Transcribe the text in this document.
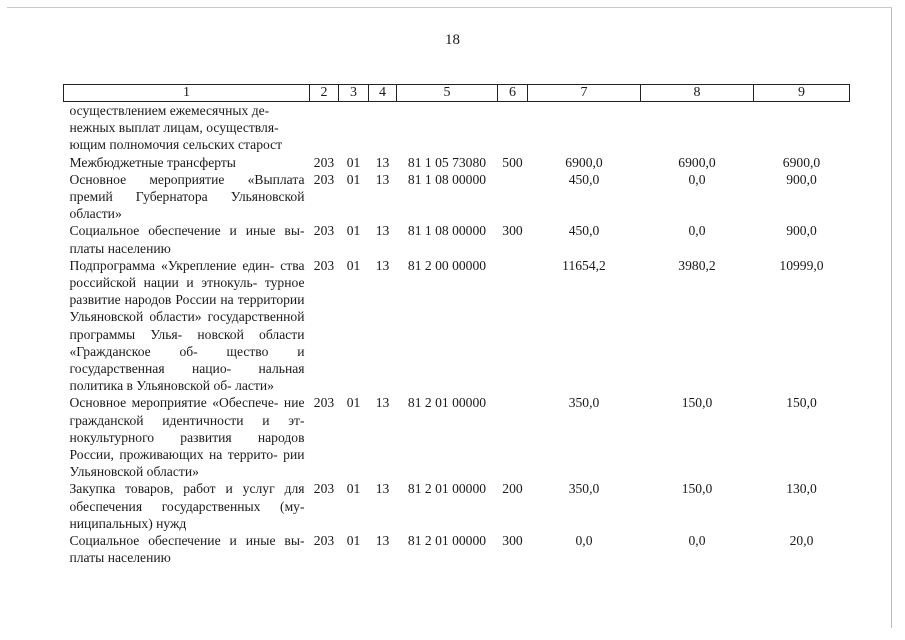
18
1	2	3	4	5	6	7	8	9
осуществлением ежемесячных де- нежных выплат лицам, осуществля- ющим полномочия сельских старост								
Межбюджетные трансферты	203	01	13	81 1 05 73080	500	6900,0	6900,0	6900,0
Основное мероприятие «Выплата премий Губернатора Ульяновской области»	203	01	13	81 1 08 00000		450,0	0,0	900,0
Социальное обеспечение и иные вы- платы населению	203	01	13	81 1 08 00000	300	450,0	0,0	900,0
Подпрограмма «Укрепление един- ства российской нации и этнокуль- турное развитие народов России на территории Ульяновской области» государственной программы Улья- новской области «Гражданское об- щество и государственная нацио- нальная политика в Ульяновской об- ласти»	203	01	13	81 2 00 00000		11654,2	3980,2	10999,0
Основное мероприятие «Обеспече- ние гражданской идентичности и эт- нокультурного развития народов России, проживающих на террито- рии Ульяновской области»	203	01	13	81 2 01 00000		350,0	150,0	150,0
Закупка товаров, работ и услуг для обеспечения государственных (му- ниципальных) нужд	203	01	13	81 2 01 00000	200	350,0	150,0	130,0
Социальное обеспечение и иные вы- платы населению	203	01	13	81 2 01 00000	300	0,0	0,0	20,0
